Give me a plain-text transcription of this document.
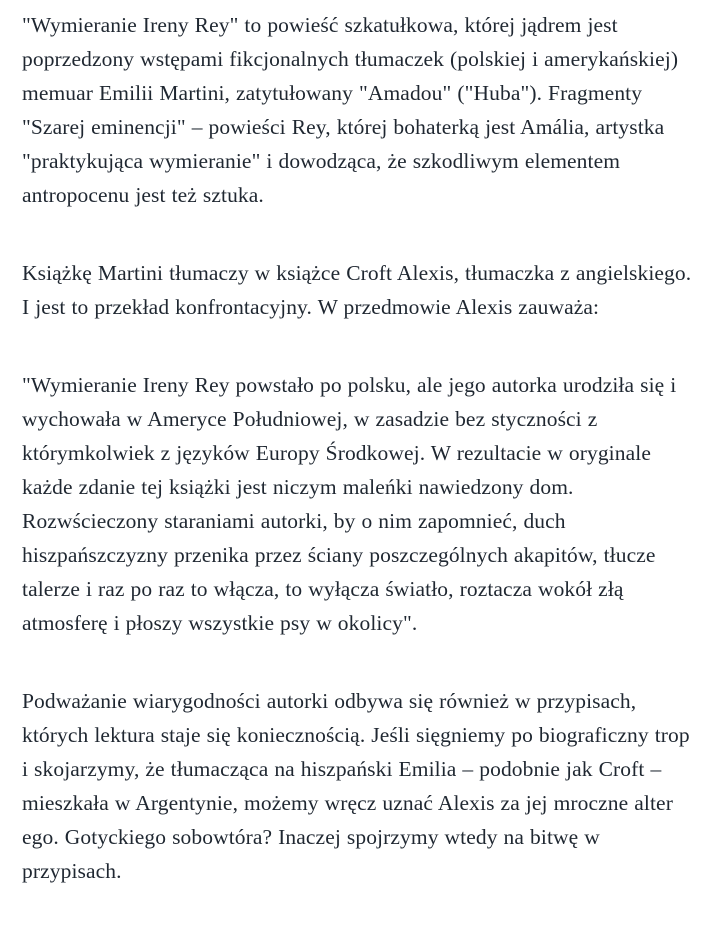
"Wymieranie Ireny Rey" to powieść szkatułkowa, której jądrem jest poprzedzony wstępami fikcjonalnych tłumaczek (polskiej i amerykańskiej) memuar Emilii Martini, zatytułowany "Amadou" ("Huba"). Fragmenty "Szarej eminencji" – powieści Rey, której bohaterką jest Amália, artystka "praktykująca wymieranie" i dowodząca, że szkodliwym elementem antropocenu jest też sztuka.

Książkę Martini tłumaczy w książce Croft Alexis, tłumaczka z angielskiego. I jest to przekład konfrontacyjny. W przedmowie Alexis zauważa:

"Wymieranie Ireny Rey powstało po polsku, ale jego autorka urodziła się i wychowała w Ameryce Południowej, w zasadzie bez styczności z którymkolwiek z języków Europy Środkowej. W rezultacie w oryginale każde zdanie tej książki jest niczym maleńki nawiedzony dom. Rozwścieczony staraniami autorki, by o nim zapomnieć, duch hiszpańszczyzny przenika przez ściany poszczególnych akapitów, tłucze talerze i raz po raz to włącza, to wyłącza światło, roztacza wokół złą atmosferę i płoszy wszystkie psy w okolicy".

Podważanie wiarygodności autorki odbywa się również w przypisach, których lektura staje się koniecznością. Jeśli sięgniemy po biograficzny trop i skojarzymy, że tłumacząca na hiszpański Emilia – podobnie jak Croft – mieszkała w Argentynie, możemy wręcz uznać Alexis za jej mroczne alter ego. Gotyckiego sobowtóra? Inaczej spojrzymy wtedy na bitwę w przypisach.
